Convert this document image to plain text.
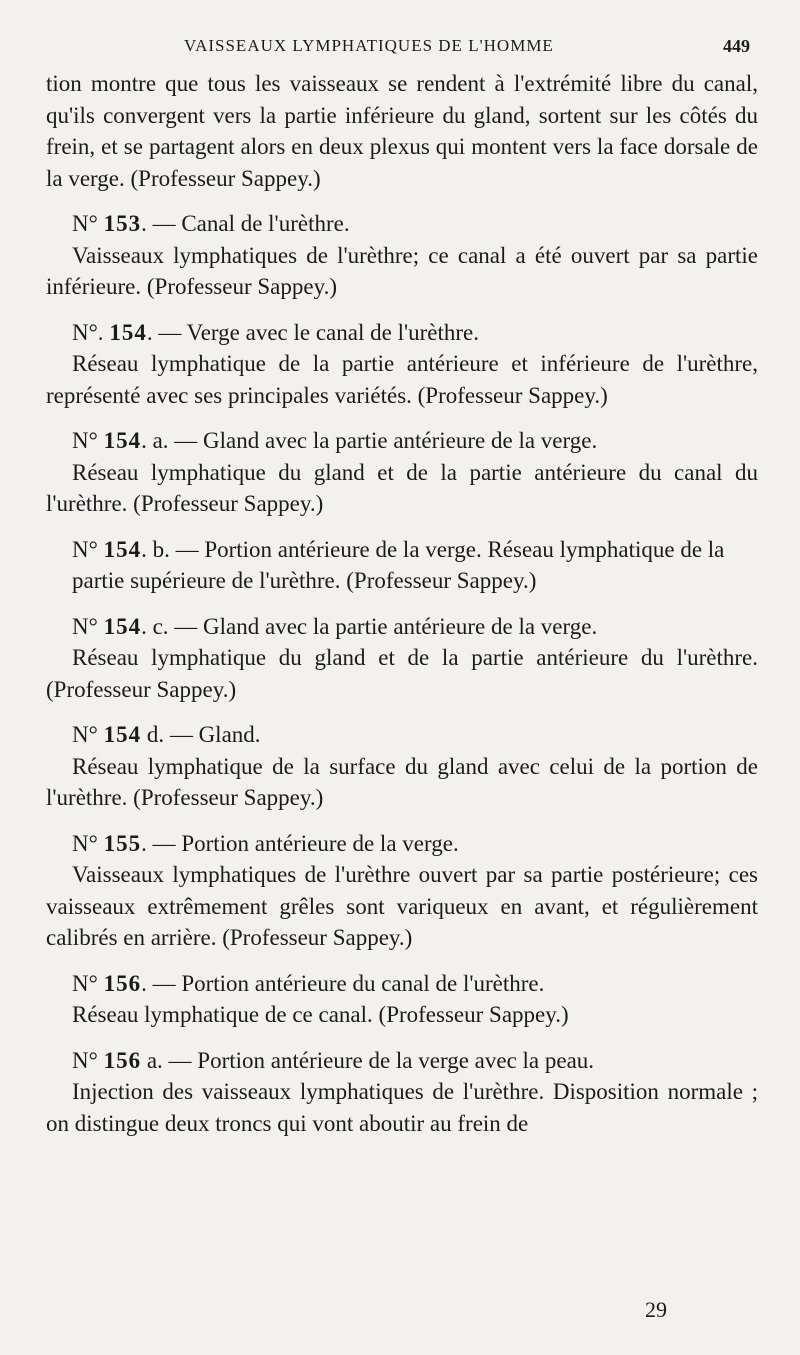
VAISSEAUX LYMPHATIQUES DE L'HOMME	449

tion montre que tous les vaisseaux se rendent à l'extrémité libre du canal, qu'ils convergent vers la partie inférieure du gland, sortent sur les côtés du frein, et se partagent alors en deux plexus qui montent vers la face dorsale de la verge. (Professeur Sappey.)

N° 153. — Canal de l'urèthre.

Vaisseaux lymphatiques de l'urèthre; ce canal a été ouvert par sa partie inférieure. (Professeur Sappey.)

N°. 154. — Verge avec le canal de l'urèthre.

Réseau lymphatique de la partie antérieure et inférieure de l'urèthre, représenté avec ses principales variétés. (Professeur Sappey.)

N° 154. a. — Gland avec la partie antérieure de la verge.

Réseau lymphatique du gland et de la partie antérieure du canal du l'urèthre. (Professeur Sappey.)

N° 154. b. — Portion antérieure de la verge. Réseau lymphatique de la partie supérieure de l'urèthre. (Professeur Sappey.)

N° 154. c. — Gland avec la partie antérieure de la verge.

Réseau lymphatique du gland et de la partie antérieure du l'urèthre. (Professeur Sappey.)

N° 154 d. — Gland.

Réseau lymphatique de la surface du gland avec celui de la portion de l'urèthre. (Professeur Sappey.)

N° 155. — Portion antérieure de la verge.

Vaisseaux lymphatiques de l'urèthre ouvert par sa partie postérieure; ces vaisseaux extrêmement grêles sont variqueux en avant, et régulièrement calibrés en arrière. (Professeur Sappey.)

N° 156. — Portion antérieure du canal de l'urèthre.

Réseau lymphatique de ce canal. (Professeur Sappey.)

N° 156 a. — Portion antérieure de la verge avec la peau.

Injection des vaisseaux lymphatiques de l'urèthre. Disposition normale ; on distingue deux troncs qui vont aboutir au frein de

29
